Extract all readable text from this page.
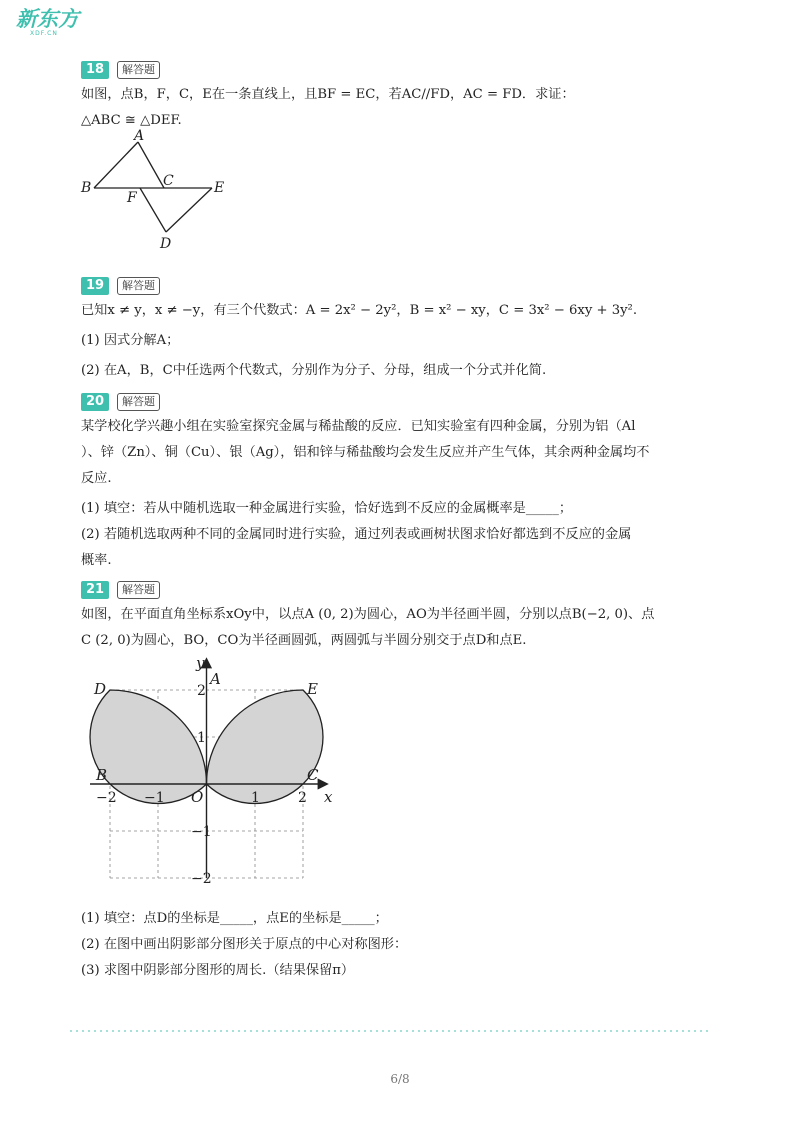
新东方
XDF.CN
18	解答题
如图，点B，F，C，E在一条直线上，且BF = EC，若AC//FD，AC = FD．求证：
△ABC ≅ △DEF.
A
B	C
D
E
F
19	解答题
已知x ≠ y，x ≠ −y，有三个代数式：A = 2x² − 2y²，B = x² − xy，C = 3x² − 6xy + 3y².
(1) 因式分解A；
(2) 在A，B，C中任选两个代数式，分别作为分子、分母，组成一个分式并化简.
20	解答题
某学校化学兴趣小组在实验室探究金属与稀盐酸的反应．已知实验室有四种金属，分别为铝（Al
）、锌（Zn）、铜（Cu）、银（Ag），铝和锌与稀盐酸均会发生反应并产生气体，其余两种金属均不
反应.
(1) 填空：若从中随机选取一种金属进行实验，恰好选到不反应的金属概率是_____；
(2) 若随机选取两种不同的金属同时进行实验，通过列表或画树状图求恰好都选到不反应的金属
概率.
21	解答题
如图，在平面直角坐标系xOy中，以点A (0, 2)为圆心，AO为半径画半圆，分别以点B(−2, 0)、点
C (2, 0)为圆心，BO，CO为半径画圆弧，两圆弧与半圆分别交于点D和点E.
−2 −1	1	2
2
1
−1
−2
A
B	C
D	E
O	x
y
(1) 填空：点D的坐标是_____，点E的坐标是_____；
(2) 在图中画出阴影部分图形关于原点的中心对称图形：
(3) 求图中阴影部分图形的周长.（结果保留π）
6/8
